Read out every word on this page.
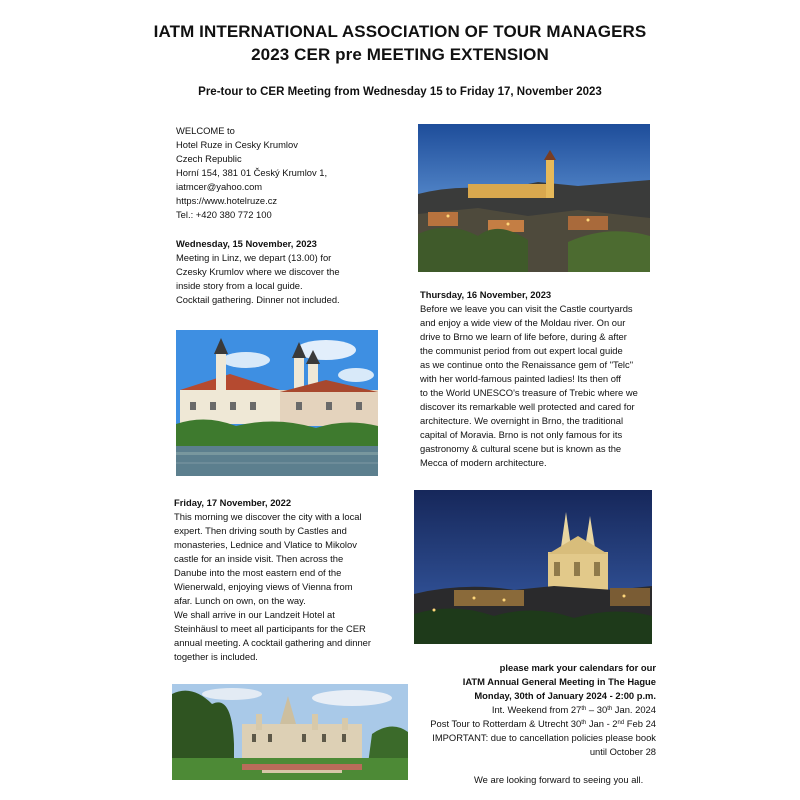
IATM INTERNATIONAL ASSOCIATION OF TOUR MANAGERS
2023 CER pre MEETING EXTENSION
Pre-tour to CER Meeting from Wednesday 15 to Friday 17, November 2023
WELCOME to
Hotel Ruze in Cesky Krumlov
Czech Republic
Horní 154, 381 01 Český Krumlov 1,
iatmcer@yahoo.com
https://www.hotelruze.cz
Tel.: +420 380 772 100
Wednesday, 15 November, 2023
Meeting in Linz, we depart (13.00) for
Czesky Krumlov where we discover the
inside story from a local guide.
Cocktail gathering. Dinner not included.	Thursday, 16 November, 2023
Before we leave you can visit the Castle courtyards
and enjoy a wide view of the Moldau river. On our
drive to Brno we learn of life before, during & after
the communist period from out expert local guide
as we continue onto the Renaissance gem of "Telc"
with her world-famous painted ladies! Its then off
to the World UNESCO's treasure of Trebic where we
discover its remarkable well protected and cared for
architecture. We overnight in Brno, the traditional
capital of Moravia. Brno is not only famous for its
gastronomy & cultural scene but is known as the
Mecca of modern architecture.
Friday, 17 November, 2022
This morning we discover the city with a local
expert. Then driving south by Castles and
monasteries, Lednice and Vlatice to Mikolov
castle for an inside visit. Then across the
Danube into the most eastern end of the
Wienerwald, enjoying views of Vienna from
afar. Lunch on own, on the way.
We shall arrive in our Landzeit Hotel at
Steinhäusl to meet all participants for the CER
annual meeting. A cocktail gathering and dinner
together is included.
please mark your calendars for our
IATM Annual General Meeting in The Hague
Monday, 30th of January 2024 - 2:00 p.m.
Int. Weekend from 27th – 30th Jan. 2024
Post Tour to Rotterdam & Utrecht 30th Jan - 2nd Feb 24
IMPORTANT: due to cancellation policies please book
until October 28
We are looking forward to seeing you all.
